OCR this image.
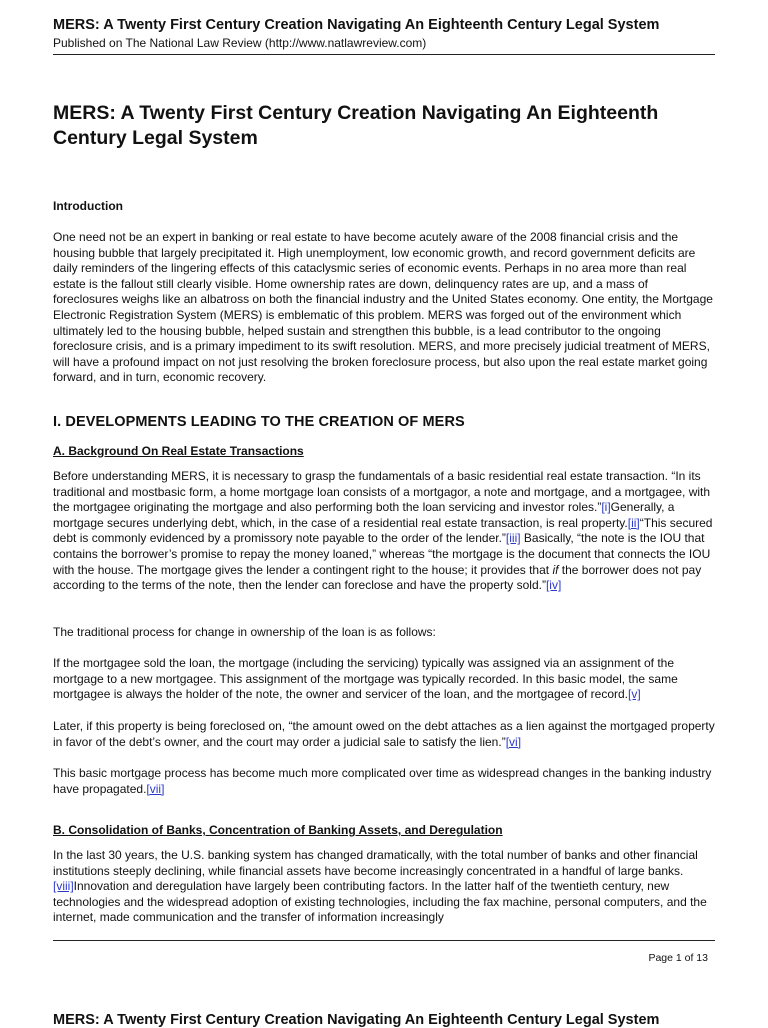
MERS: A Twenty First Century Creation Navigating An Eighteenth Century Legal System
Published on The National Law Review (http://www.natlawreview.com)
MERS: A Twenty First Century Creation Navigating An Eighteenth Century Legal System
Introduction

One need not be an expert in banking or real estate to have become acutely aware of the 2008 financial crisis and the housing bubble that largely precipitated it. High unemployment, low economic growth, and record government deficits are daily reminders of the lingering effects of this cataclysmic series of economic events. Perhaps in no area more than real estate is the fallout still clearly visible. Home ownership rates are down, delinquency rates are up, and a mass of foreclosures weighs like an albatross on both the financial industry and the United States economy. One entity, the Mortgage Electronic Registration System (MERS) is emblematic of this problem. MERS was forged out of the environment which ultimately led to the housing bubble, helped sustain and strengthen this bubble, is a lead contributor to the ongoing foreclosure crisis, and is a primary impediment to its swift resolution. MERS, and more precisely judicial treatment of MERS, will have a profound impact on not just resolving the broken foreclosure process, but also upon the real estate market going forward, and in turn, economic recovery.

I. DEVELOPMENTS LEADING TO THE CREATION OF MERS
A. Background On Real Estate Transactions

Before understanding MERS, it is necessary to grasp the fundamentals of a basic residential real estate transaction. “In its traditional and mostbasic form, a home mortgage loan consists of a mortgagor, a note and mortgage, and a mortgagee, with the mortgagee originating the mortgage and also performing both the loan servicing and investor roles.”[i]Generally, a mortgage secures underlying debt, which, in the case of a residential real estate transaction, is real property.[ii]“This secured debt is commonly evidenced by a promissory note payable to the order of the lender.”[iii] Basically, “the note is the IOU that contains the borrower’s promise to repay the money loaned,” whereas “the mortgage is the document that connects the IOU with the house. The mortgage gives the lender a contingent right to the house; it provides that if the borrower does not pay according to the terms of the note, then the lender can foreclose and have the property sold.”[iv]

The traditional process for change in ownership of the loan is as follows:

If the mortgagee sold the loan, the mortgage (including the servicing) typically was assigned via an assignment of the mortgage to a new mortgagee. This assignment of the mortgage was typically recorded. In this basic model, the same mortgagee is always the holder of the note, the owner and servicer of the loan, and the mortgagee of record.[v]

Later, if this property is being foreclosed on, “the amount owed on the debt attaches as a lien against the mortgaged property in favor of the debt’s owner, and the court may order a judicial sale to satisfy the lien.”[vi]

This basic mortgage process has become much more complicated over time as widespread changes in the banking industry have propagated.[vii]

B. Consolidation of Banks, Concentration of Banking Assets, and Deregulation

In the last 30 years, the U.S. banking system has changed dramatically, with the total number of banks and other financial institutions steeply declining, while financial assets have become increasingly concentrated in a handful of large banks.[viii]Innovation and deregulation have largely been contributing factors. In the latter half of the twentieth century, new technologies and the widespread adoption of existing technologies, including the fax machine, personal computers, and the internet, made communication and the transfer of information increasingly

Page 1 of 13
MERS: A Twenty First Century Creation Navigating An Eighteenth Century Legal System
